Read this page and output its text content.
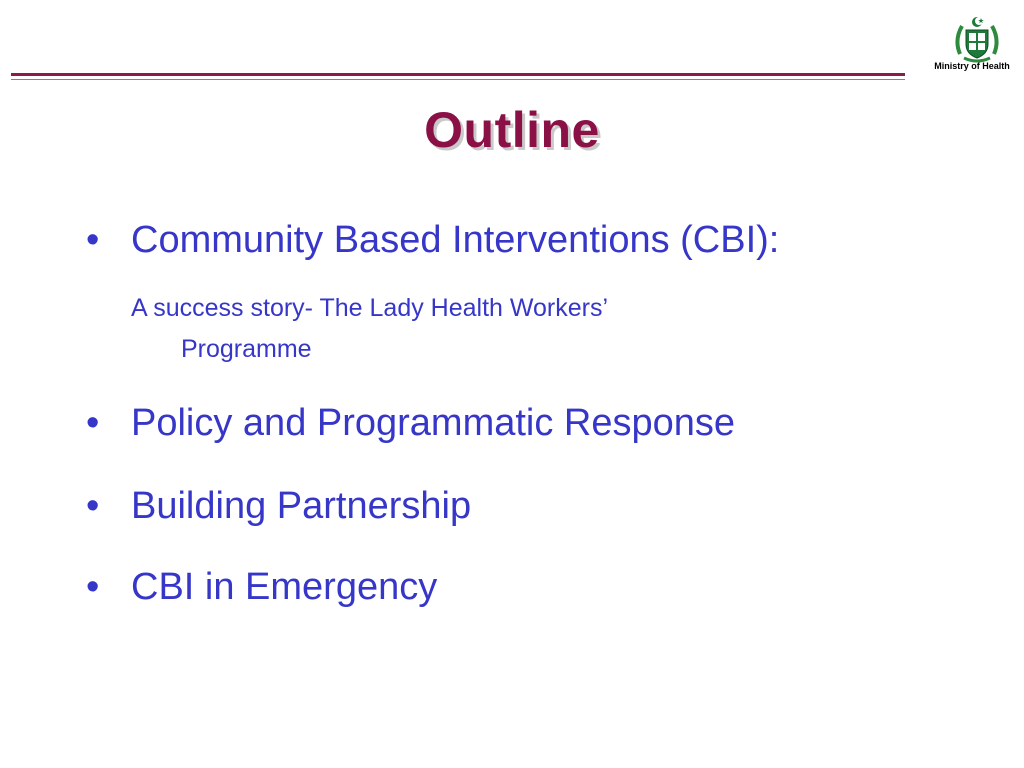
Ministry of Health
Outline
• Community Based Interventions (CBI):
A success story- The Lady Health Workers’
Programme
• Policy and Programmatic Response
• Building Partnership
• CBI in Emergency
